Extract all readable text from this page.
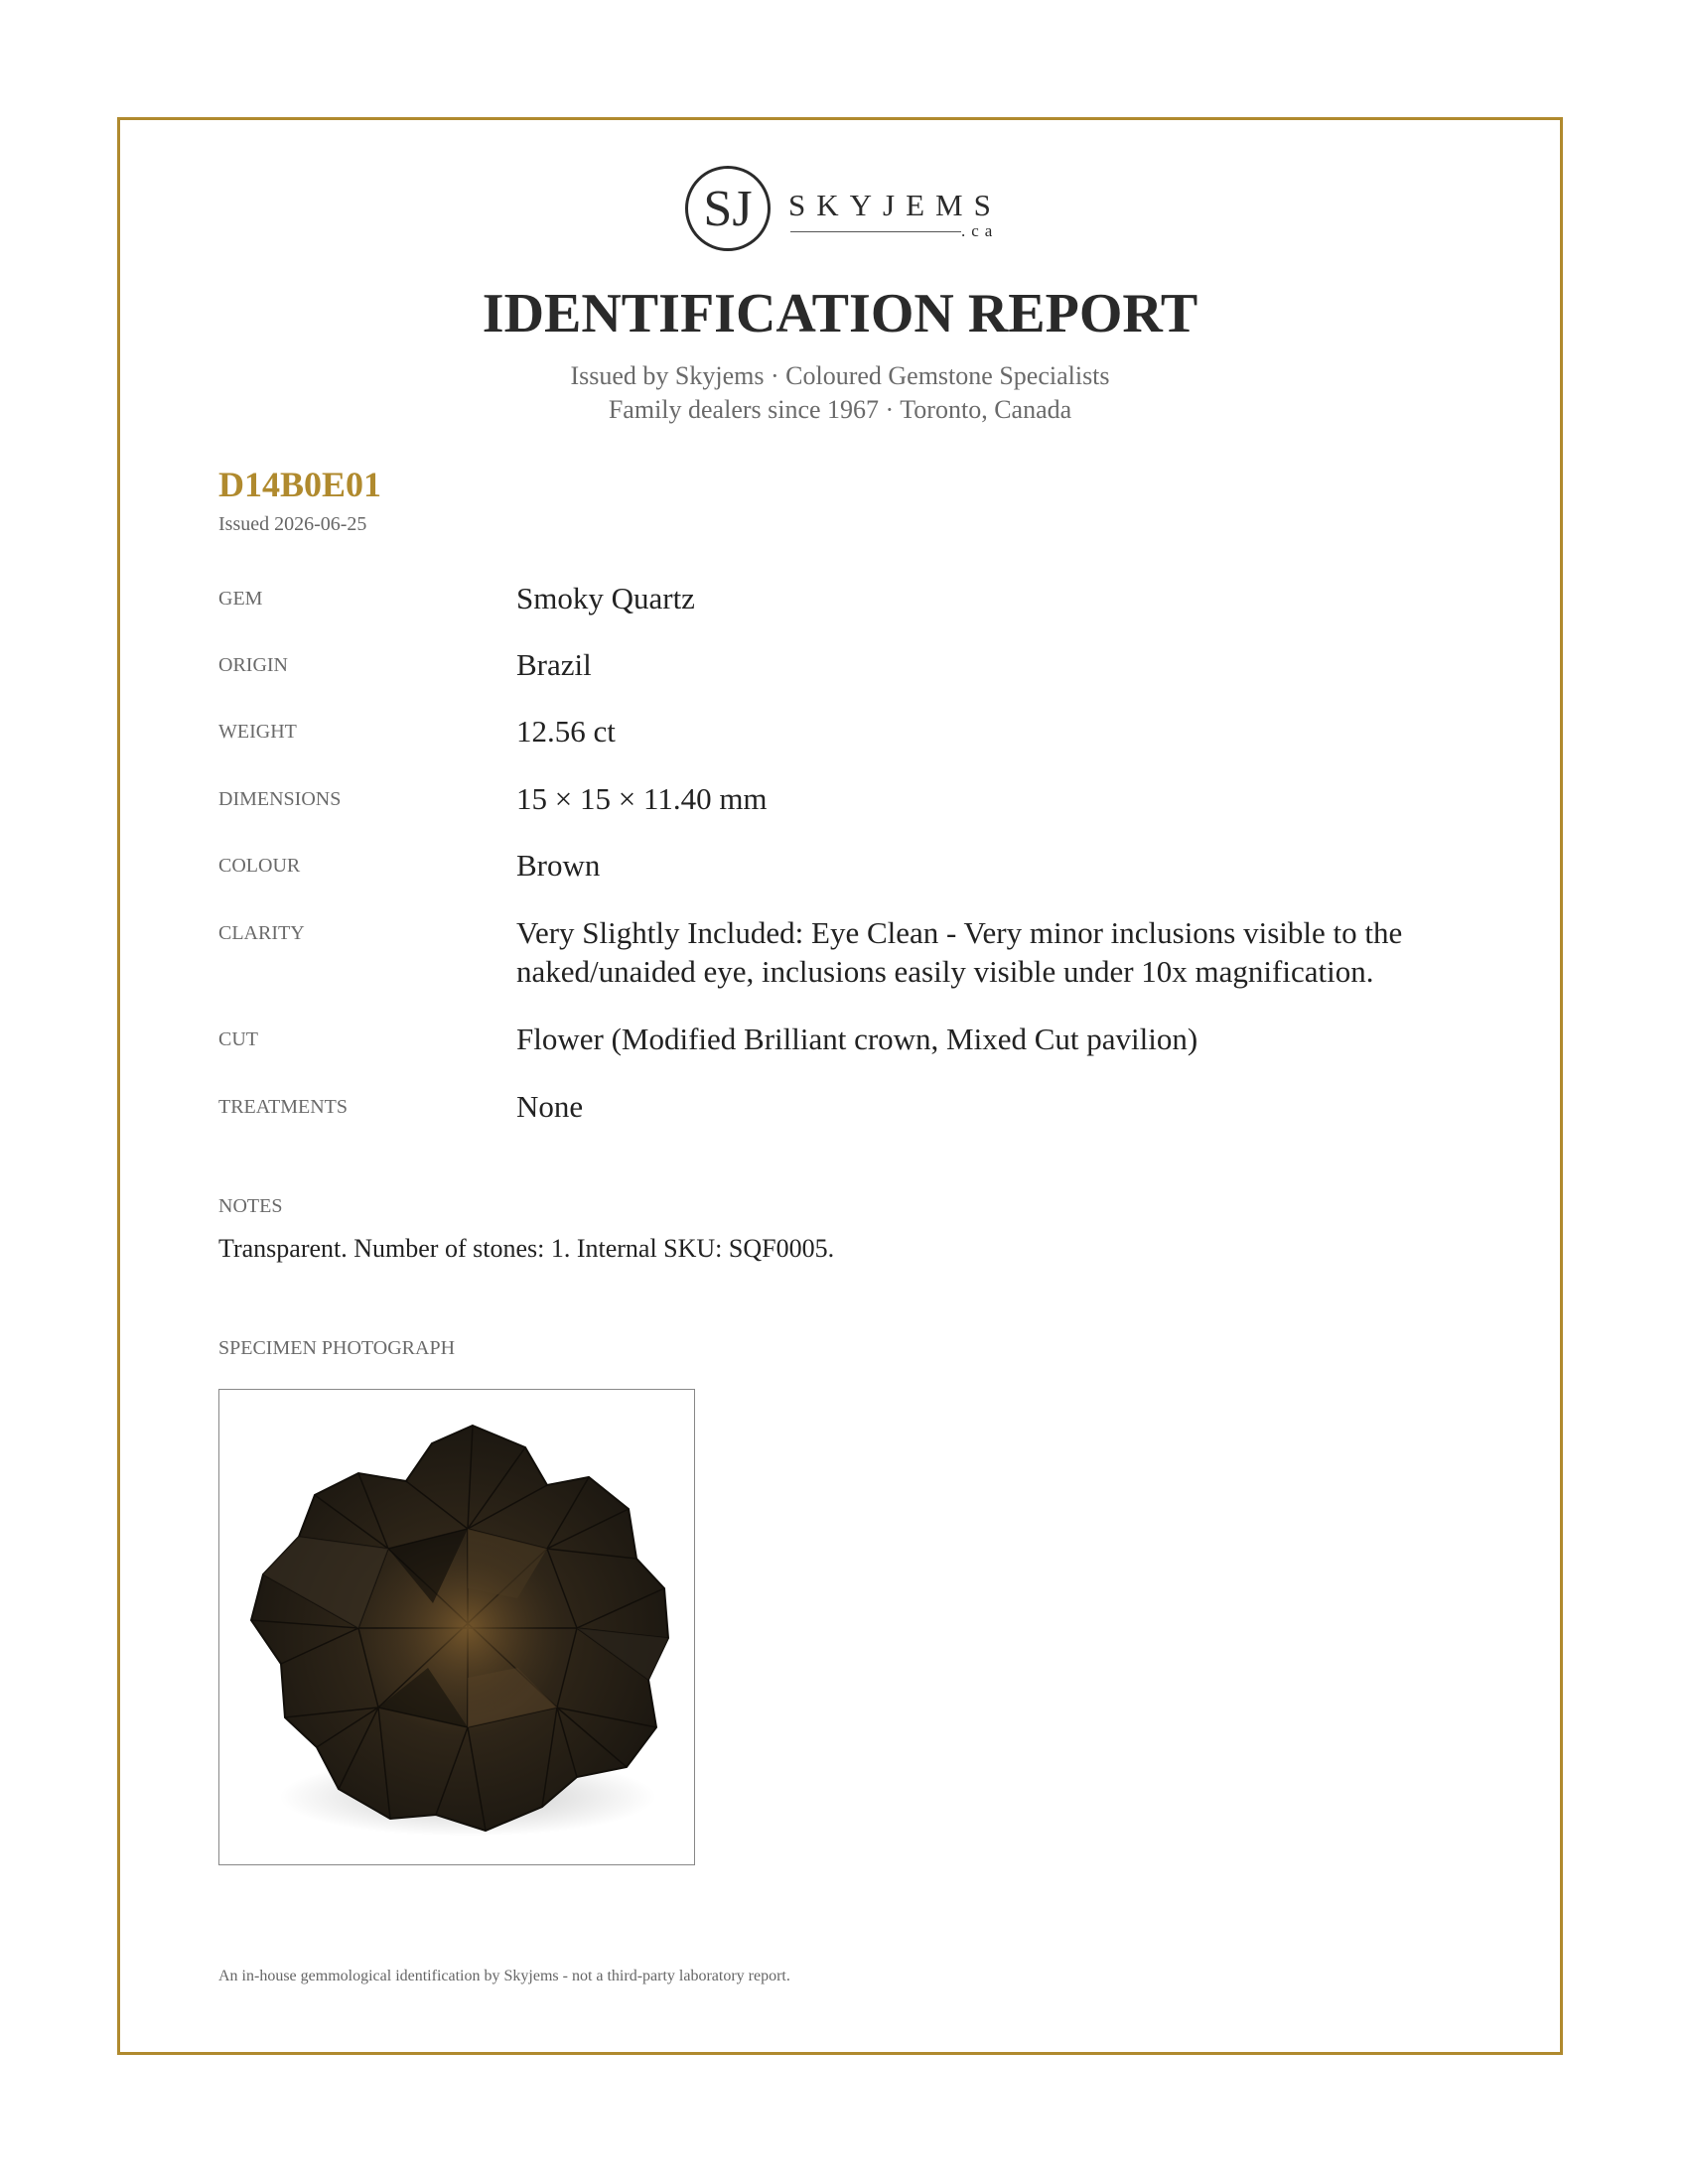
SJ SKYJEMS
.ca
IDENTIFICATION REPORT
Issued by Skyjems · Coloured Gemstone Specialists
Family dealers since 1967 · Toronto, Canada
D14B0E01
Issued 2026-06-25
GEM	Smoky Quartz
ORIGIN	Brazil
WEIGHT	12.56 ct
DIMENSIONS	15 × 15 × 11.40 mm
COLOUR	Brown
CLARITY	Very Slightly Included: Eye Clean - Very minor inclusions visible to the naked/unaided eye, inclusions easily visible under 10x magnification.
CUT	Flower (Modified Brilliant crown, Mixed Cut pavilion)
TREATMENTS	None
NOTES
Transparent. Number of stones: 1. Internal SKU: SQF0005.
SPECIMEN PHOTOGRAPH
An in-house gemmological identification by Skyjems - not a third-party laboratory report.
